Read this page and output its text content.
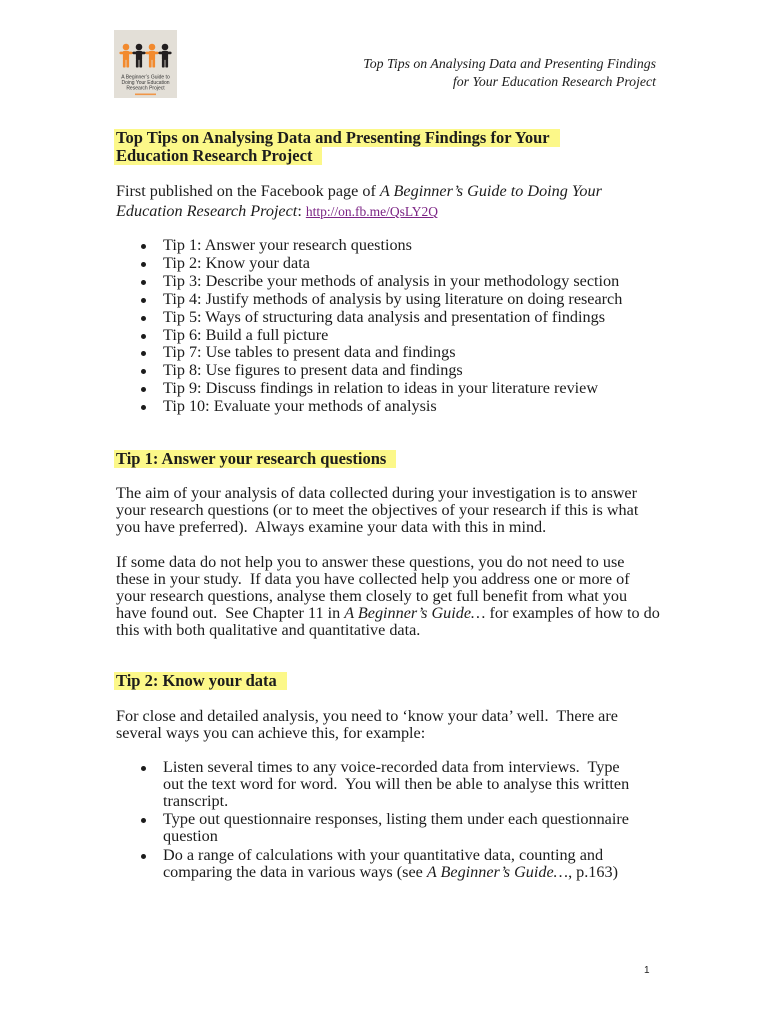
A Beginner’s Guide to
Doing Your Education
Research Project
Top Tips on Analysing Data and Presenting Findings
for Your Education Research Project
Top Tips on Analysing Data and Presenting Findings for Your
Education Research Project
First published on the Facebook page of A Beginner’s Guide to Doing Your
Education Research Project: http://on.fb.me/QsLY2Q
Tip 1: Answer your research questions
Tip 2: Know your data
Tip 3: Describe your methods of analysis in your methodology section
Tip 4: Justify methods of analysis by using literature on doing research
Tip 5: Ways of structuring data analysis and presentation of findings
Tip 6: Build a full picture
Tip 7: Use tables to present data and findings
Tip 8: Use figures to present data and findings
Tip 9: Discuss findings in relation to ideas in your literature review
Tip 10: Evaluate your methods of analysis
Tip 1: Answer your research questions
The aim of your analysis of data collected during your investigation is to answer
your research questions (or to meet the objectives of your research if this is what
you have preferred).  Always examine your data with this in mind.
If some data do not help you to answer these questions, you do not need to use
these in your study.  If data you have collected help you address one or more of
your research questions, analyse them closely to get full benefit from what you
have found out.  See Chapter 11 in A Beginner’s Guide… for examples of how to do
this with both qualitative and quantitative data.
Tip 2: Know your data
For close and detailed analysis, you need to ‘know your data’ well.  There are
several ways you can achieve this, for example:
Listen several times to any voice-recorded data from interviews.  Type
out the text word for word.  You will then be able to analyse this written
transcript.
Type out questionnaire responses, listing them under each questionnaire
question
Do a range of calculations with your quantitative data, counting and
comparing the data in various ways (see A Beginner’s Guide…, p.163)
1
